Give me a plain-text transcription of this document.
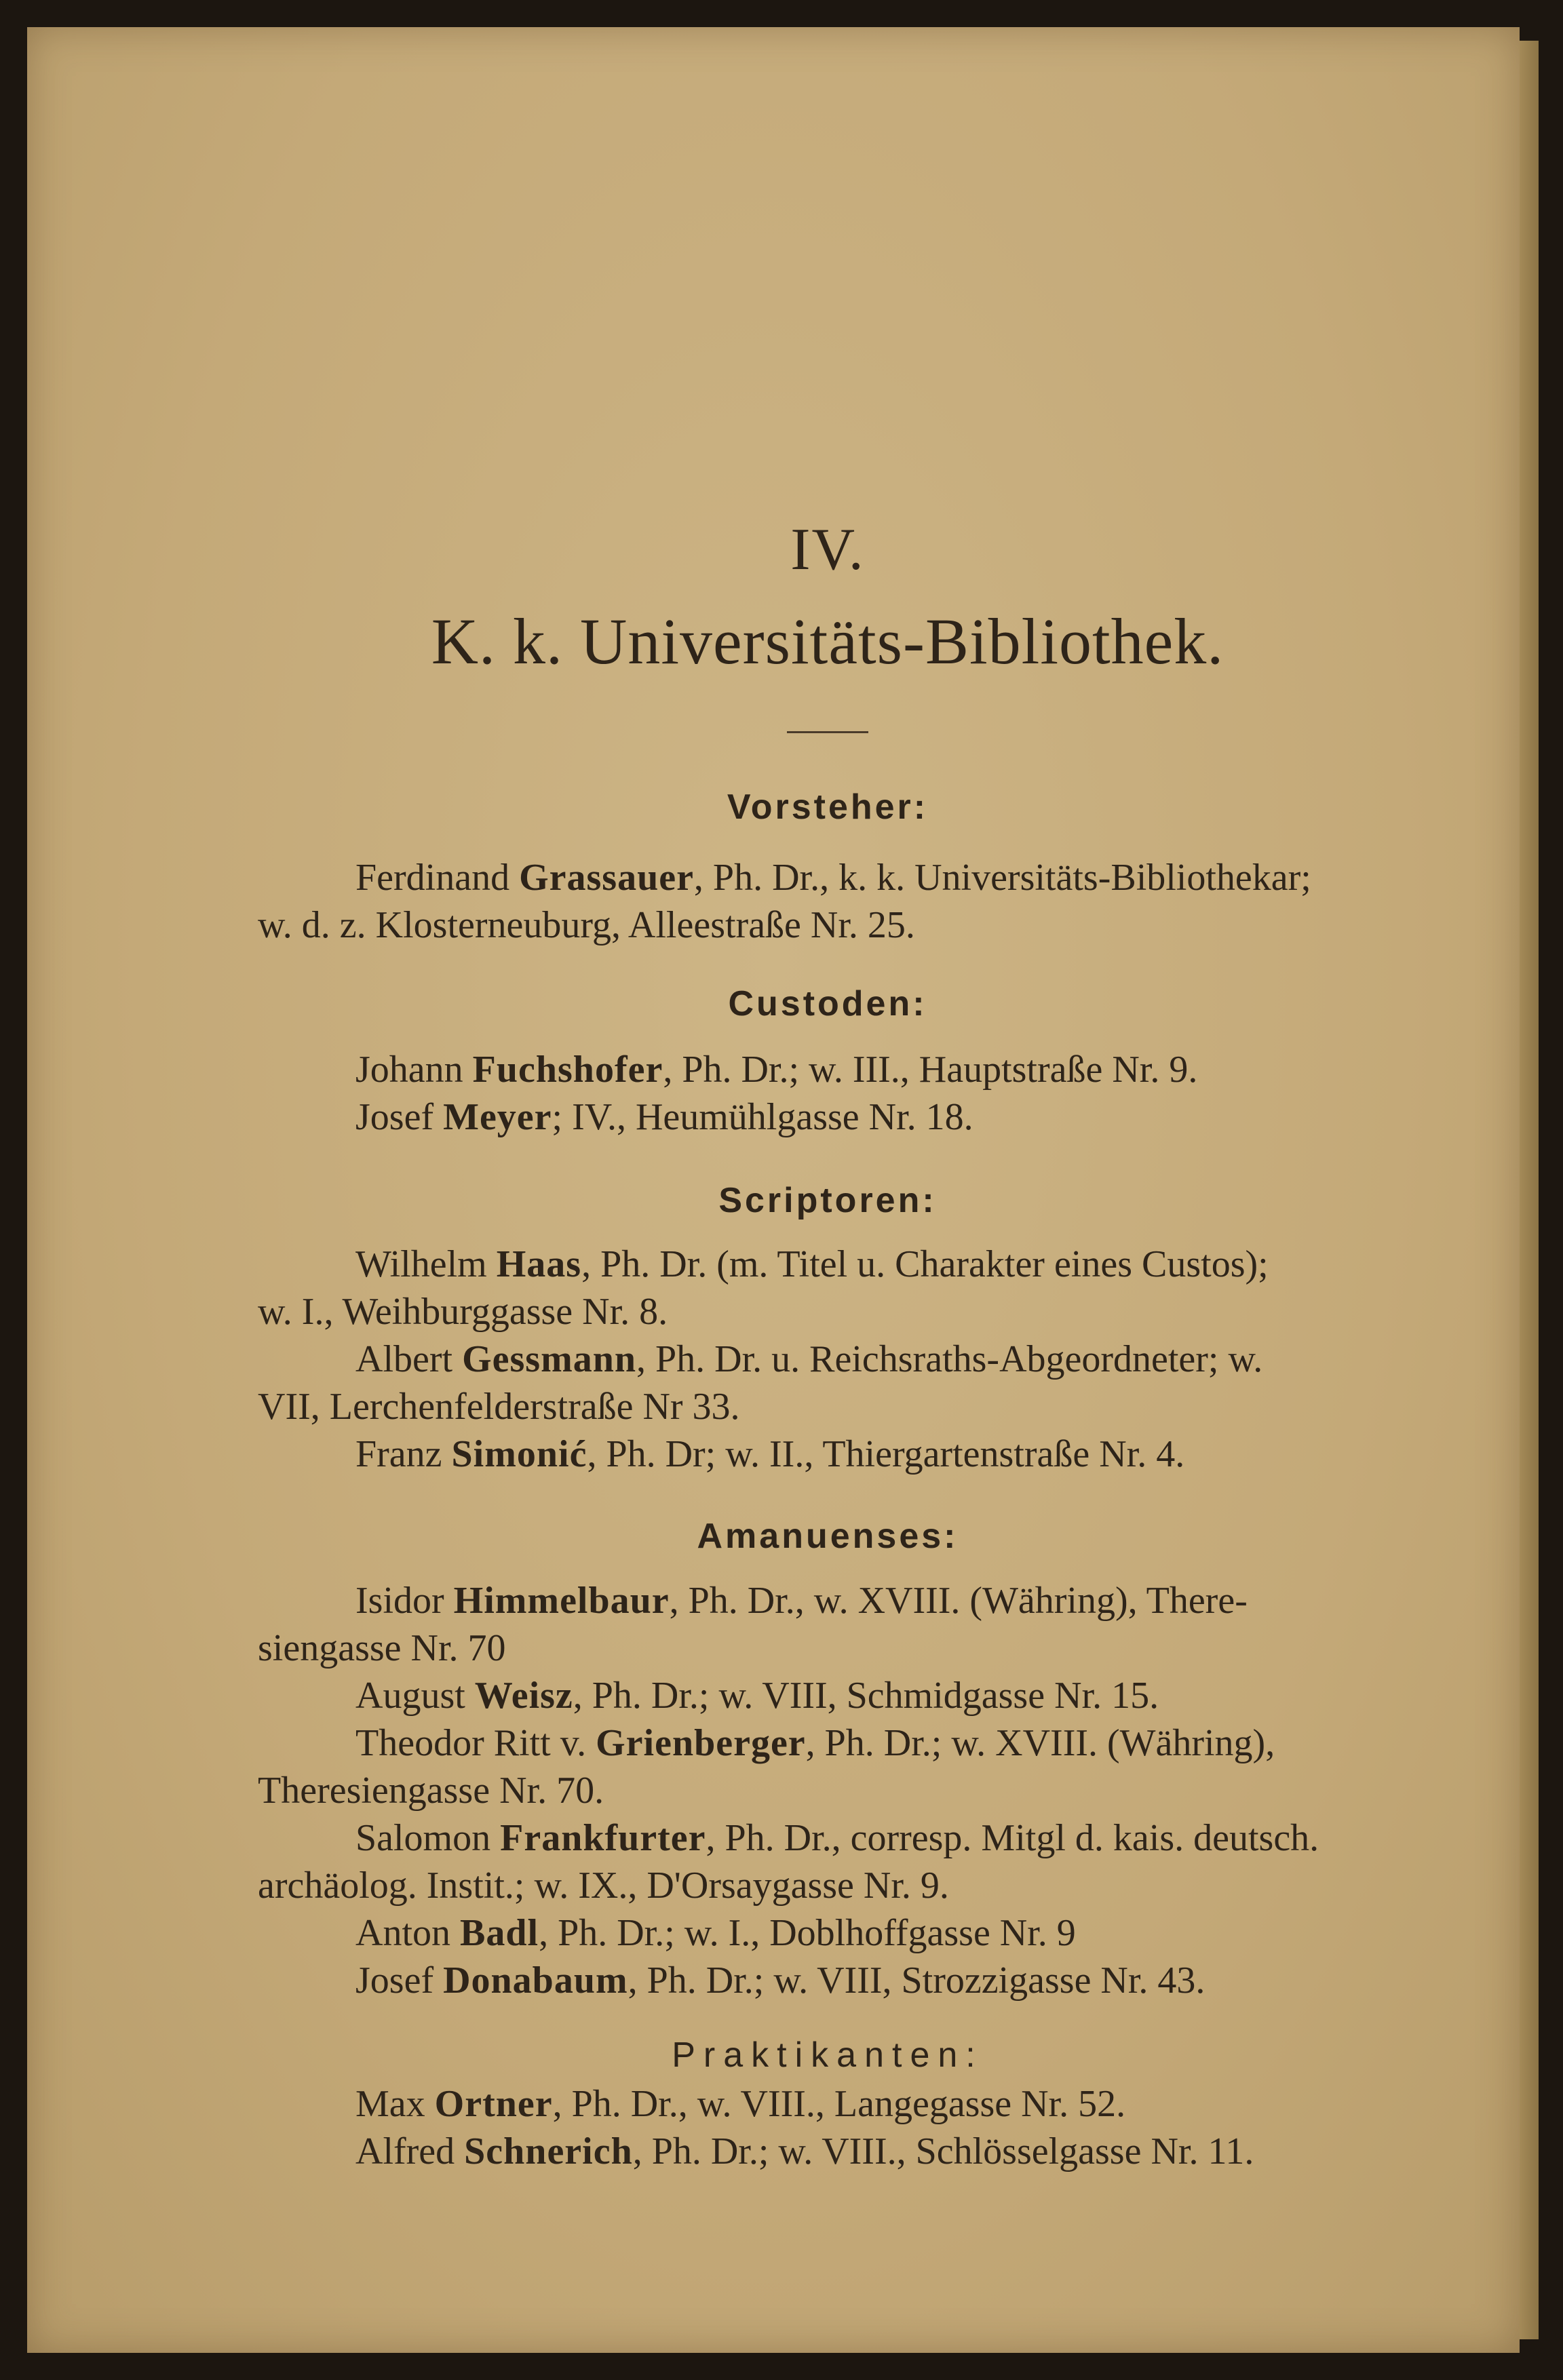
IV.
K. k. Universitäts-Bibliothek.
Vorsteher:
Ferdinand Grassauer, Ph. Dr., k. k. Universitäts-Bibliothekar;
w. d. z. Klosterneuburg, Alleestraße Nr. 25.
Custoden:
Johann Fuchshofer, Ph. Dr.; w. III., Hauptstraße Nr. 9.
Josef Meyer; IV., Heumühlgasse Nr. 18.
Scriptoren:
Wilhelm Haas, Ph. Dr. (m. Titel u. Charakter eines Custos);
w. I., Weihburggasse Nr. 8.
Albert Gessmann, Ph. Dr. u. Reichsraths-Abgeordneter; w.
VII, Lerchenfelderstraße Nr 33.
Franz Simonić, Ph. Dr; w. II., Thiergartenstraße Nr. 4.
Amanuenses:
Isidor Himmelbaur, Ph. Dr., w. XVIII. (Währing), There-
siengasse Nr. 70
August Weisz, Ph. Dr.; w. VIII, Schmidgasse Nr. 15.
Theodor Ritt v. Grienberger, Ph. Dr.; w. XVIII. (Währing),
Theresiengasse Nr. 70.
Salomon Frankfurter, Ph. Dr., corresp. Mitgl d. kais. deutsch.
archäolog. Instit.; w. IX., D'Orsaygasse Nr. 9.
Anton Badl, Ph. Dr.; w. I., Doblhoffgasse Nr. 9
Josef Donabaum, Ph. Dr.; w. VIII, Strozzigasse Nr. 43.
Praktikanten:
Max Ortner, Ph. Dr., w. VIII., Langegasse Nr. 52.
Alfred Schnerich, Ph. Dr.; w. VIII., Schlösselgasse Nr. 11.
